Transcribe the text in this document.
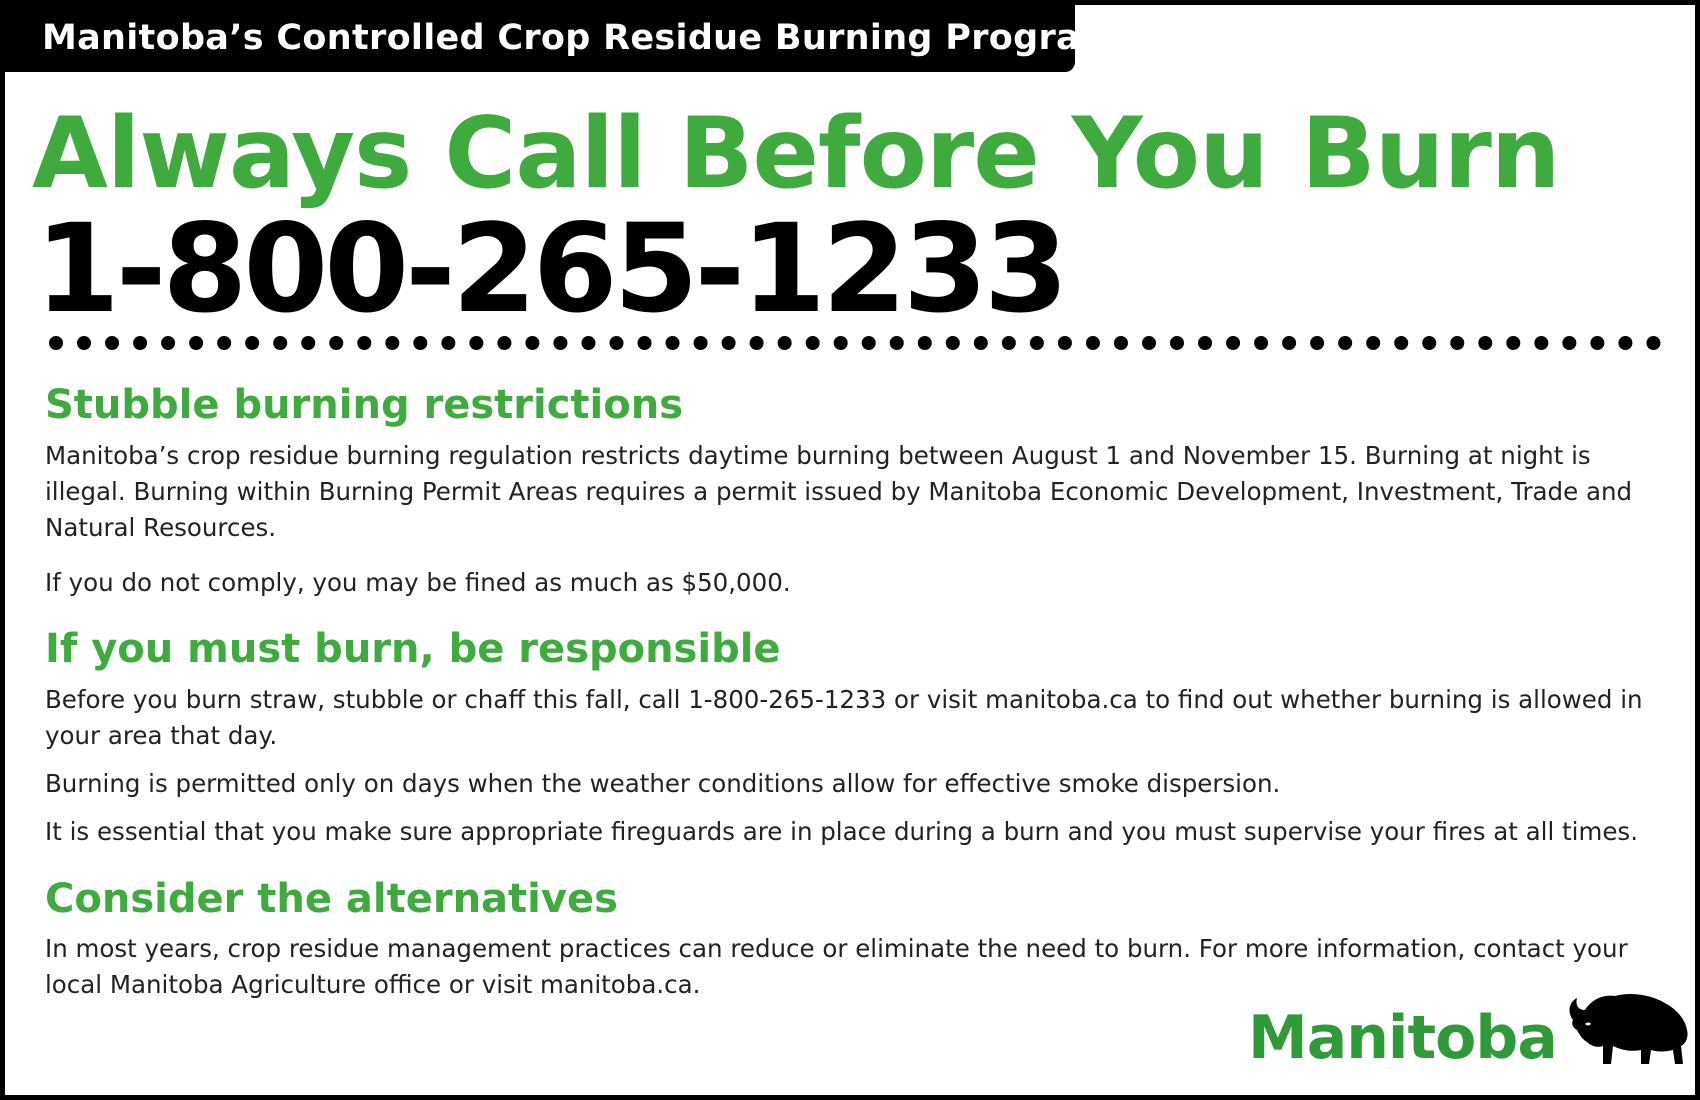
Manitoba’s Controlled Crop Residue Burning Program
Always Call Before You Burn
1-800-265-1233
Stubble burning restrictions

Manitoba’s crop residue burning regulation restricts daytime burning between August 1 and November 15. Burning at night is illegal. Burning within Burning Permit Areas requires a permit issued by Manitoba Economic Development, Investment, Trade and Natural Resources.

If you do not comply, you may be fined as much as $50,000.

If you must burn, be responsible

Before you burn straw, stubble or chaff this fall, call 1-800-265-1233 or visit manitoba.ca to find out whether burning is allowed in your area that day.

Burning is permitted only on days when the weather conditions allow for effective smoke dispersion.

It is essential that you make sure appropriate fireguards are in place during a burn and you must supervise your fires at all times.

Consider the alternatives

In most years, crop residue management practices can reduce or eliminate the need to burn. For more information, contact your local Manitoba Agriculture office or visit manitoba.ca.

Manitoba
